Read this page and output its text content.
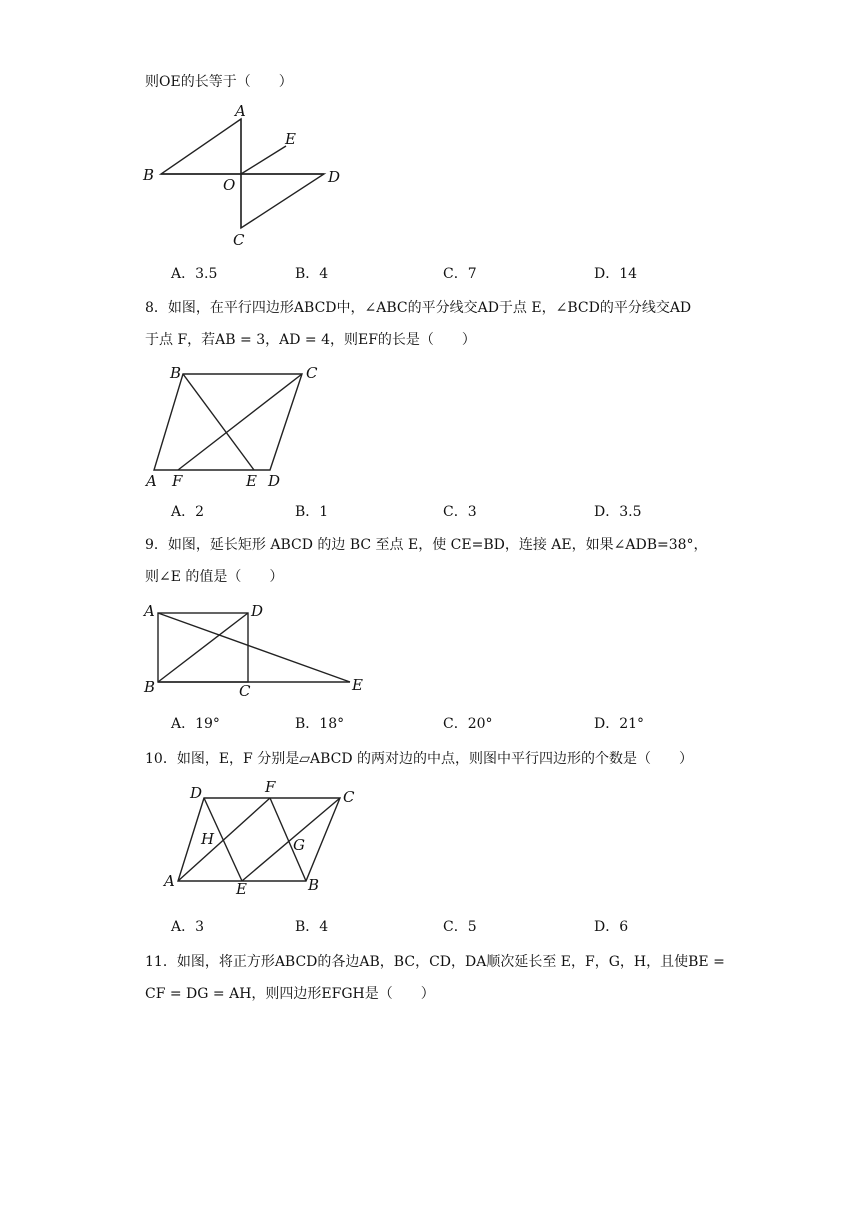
则OE的长等于（　　）
A
B
C
D
E
O
A．3.5	B．4	C．7	D．14
8．如图，在平行四边形ABCD中，∠ABC的平分线交AD于点 E，∠BCD的平分线交AD
于点 F，若AB = 3，AD = 4，则EF的长是（　　）
B	C
A F	E D
A．2	B．1	C．3	D．3.5
9．如图，延长矩形 ABCD 的边 BC 至点 E，使 CE=BD，连接 AE，如果∠ADB=38°，
则∠E 的值是（　　）
A	D
B	C	E
A．19°	B．18°	C．20°	D．21°
10．如图，E，F 分别是▱ABCD 的两对边的中点，则图中平行四边形的个数是（　　）
D	F
C
H	G
A	E	B
A．3	B．4	C．5	D．6
11．如图，将正方形ABCD的各边AB，BC，CD，DA顺次延长至 E，F，G，H，且使BE =
CF = DG = AH，则四边形EFGH是（　　）
